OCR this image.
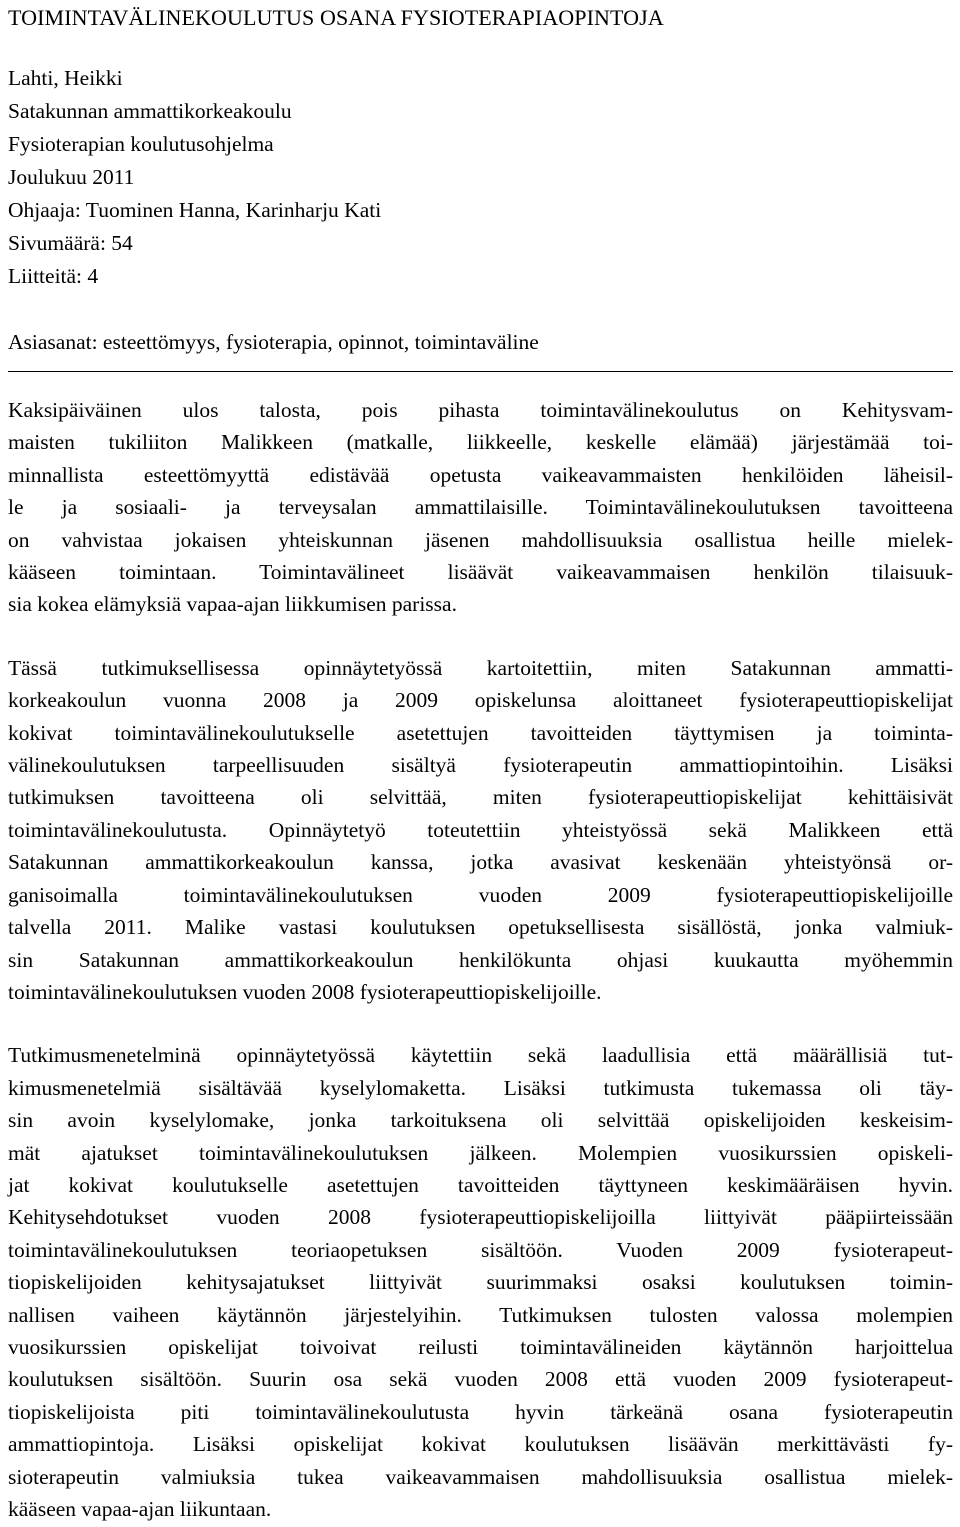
TOIMINTAVÄLINEKOULUTUS OSANA FYSIOTERAPIAOPINTOJA
Lahti, Heikki
Satakunnan ammattikorkeakoulu
Fysioterapian koulutusohjelma
Joulukuu 2011
Ohjaaja: Tuominen Hanna, Karinharju Kati
Sivumäärä: 54
Liitteitä: 4
Asiasanat: esteettömyys, fysioterapia, opinnot, toimintaväline

Kaksipäiväinen ulos talosta, pois pihasta toimintavälinekoulutus on Kehitysvam-
maisten tukiliiton Malikkeen (matkalle, liikkeelle, keskelle elämää) järjestämää toi-
minnallista esteettömyyttä edistävää opetusta vaikeavammaisten henkilöiden läheisil-
le ja sosiaali- ja terveysalan ammattilaisille. Toimintavälinekoulutuksen tavoitteena
on vahvistaa jokaisen yhteiskunnan jäsenen mahdollisuuksia osallistua heille mielek-
kääseen toimintaan. Toimintavälineet lisäävät vaikeavammaisen henkilön tilaisuuk-
sia kokea elämyksiä vapaa-ajan liikkumisen parissa.

Tässä tutkimuksellisessa opinnäytetyössä kartoitettiin, miten Satakunnan ammatti-
korkeakoulun vuonna 2008 ja 2009 opiskelunsa aloittaneet fysioterapeuttiopiskelijat
kokivat toimintavälinekoulutukselle asetettujen tavoitteiden täyttymisen ja toiminta-
välinekoulutuksen tarpeellisuuden sisältyä fysioterapeutin ammattiopintoihin. Lisäksi
tutkimuksen tavoitteena oli selvittää, miten fysioterapeuttiopiskelijat kehittäisivät
toimintavälinekoulutusta. Opinnäytetyö toteutettiin yhteistyössä sekä Malikkeen että
Satakunnan ammattikorkeakoulun kanssa, jotka avasivat keskenään yhteistyönsä or-
ganisoimalla toimintavälinekoulutuksen vuoden 2009 fysioterapeuttiopiskelijoille
talvella 2011. Malike vastasi koulutuksen opetuksellisesta sisällöstä, jonka valmiuk-
sin Satakunnan ammattikorkeakoulun henkilökunta ohjasi kuukautta myöhemmin
toimintavälinekoulutuksen vuoden 2008 fysioterapeuttiopiskelijoille.

Tutkimusmenetelminä opinnäytetyössä käytettiin sekä laadullisia että määrällisiä tut-
kimusmenetelmiä sisältävää kyselylomaketta. Lisäksi tutkimusta tukemassa oli täy-
sin avoin kyselylomake, jonka tarkoituksena oli selvittää opiskelijoiden keskeisim-
mät ajatukset toimintavälinekoulutuksen jälkeen. Molempien vuosikurssien opiskeli-
jat kokivat koulutukselle asetettujen tavoitteiden täyttyneen keskimääräisen hyvin.
Kehitysehdotukset vuoden 2008 fysioterapeuttiopiskelijoilla liittyivät pääpiirteissään
toimintavälinekoulutuksen teoriaopetuksen sisältöön. Vuoden 2009 fysioterapeut-
tiopiskelijoiden kehitysajatukset liittyivät suurimmaksi osaksi koulutuksen toimin-
nallisen vaiheen käytännön järjestelyihin. Tutkimuksen tulosten valossa molempien
vuosikurssien opiskelijat toivoivat reilusti toimintavälineiden käytännön harjoittelua
koulutuksen sisältöön. Suurin osa sekä vuoden 2008 että vuoden 2009 fysioterapeut-
tiopiskelijoista piti toimintavälinekoulutusta hyvin tärkeänä osana fysioterapeutin
ammattiopintoja. Lisäksi opiskelijat kokivat koulutuksen lisäävän merkittävästi fy-
sioterapeutin valmiuksia tukea vaikeavammaisen mahdollisuuksia osallistua mielek-
kääseen vapaa-ajan liikuntaan.
